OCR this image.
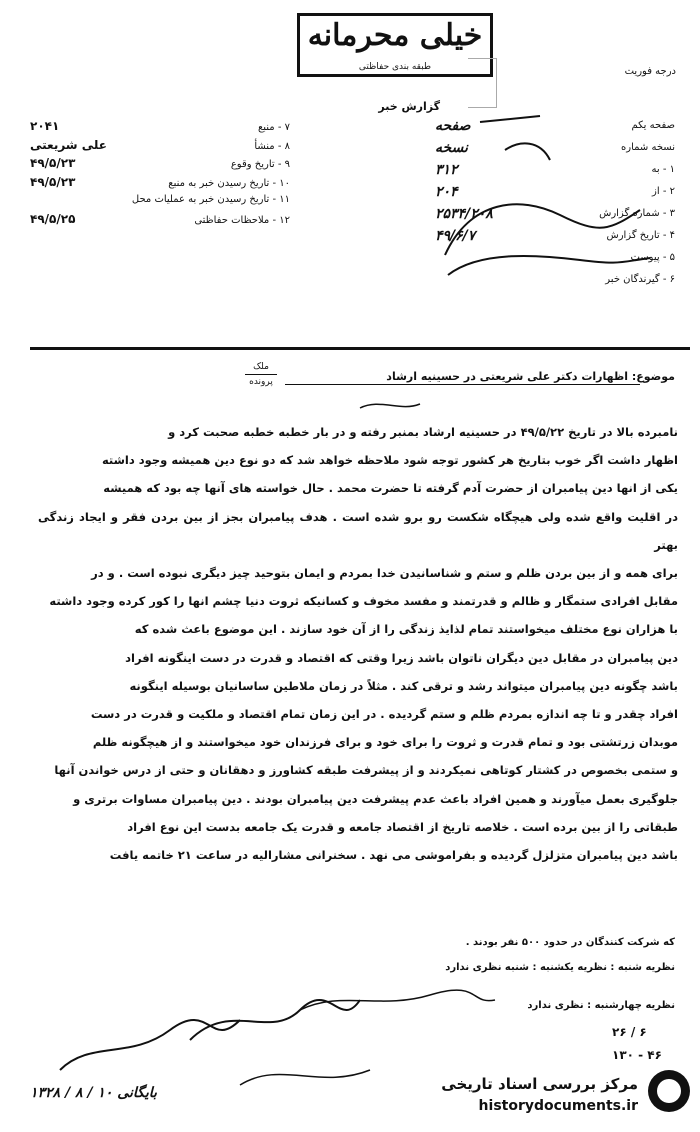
خیلی محرمانه
طبقه بندی حفاظتی	درجه فوریت
گزارش خبر
صفحه یکم
صفحه
نسخه شماره
نسخه
۱ - به
۳۱۲
۲ - از
۲۰۴
۳ - شماره گزارش
۲۵۳۴/۲۰۸
۴ - تاریخ گزارش
۴۹/۶/۷
۵ - پیوست
۶ - گیرندگان خبر
۷ - منبع
۲۰۴۱
۸ - منشأ
علی شریعتی
۹ - تاریخ وقوع
۴۹/۵/۲۳
۱۰ - تاریخ رسیدن خبر به منبع
۴۹/۵/۲۳
۱۱ - تاریخ رسیدن خبر به عملیات محل
۱۲ - ملاحظات حفاظتی
۴۹/۵/۲۵
ملک
پرونده	موضوع: اظهارات دکتر علی شریعتی در حسینیه ارشاد

نامبرده بالا در تاریخ ۴۹/۵/۲۲ در حسینیه ارشاد بمنبر رفته و در بار خطبه خطبه صحبت کرد و

اظهار داشت اگر خوب بتاریخ هر کشور توجه شود ملاحظه خواهد شد که دو نوع دین همیشه وجود داشته

یکی از انها دین پیامبران از حضرت آدم گرفته تا حضرت محمد . حال خواسته های آنها چه بود که همیشه

در اقلیت واقع شده ولی هیچگاه شکست رو برو شده است . هدف پیامبران بجز از بین بردن فقر و ایجاد زندگی بهتر

برای همه و از بین بردن ظلم و ستم و شناسانیدن خدا بمردم و ایمان بتوحید چیز دیگری نبوده است . و در

مقابل افرادی ستمگار و ظالم و قدرتمند و مفسد مخوف و کسانیکه ثروت دنیا چشم انها را کور کرده وجود داشته

با هزاران نوع مختلف میخواستند تمام لذایذ زندگی را از آن خود سازند . این موضوع باعث شده که

دین پیامبران در مقابل دین دیگران ناتوان باشد زیرا وقتی که اقتصاد و قدرت در دست اینگونه افراد

باشد چگونه دین پیامبران میتواند رشد و ترقی کند . مثلاً در زمان ملاطین ساسانیان بوسیله اینگونه

افراد چقدر و تا چه اندازه بمردم ظلم و ستم گردیده . در این زمان تمام اقتصاد و ملکیت و قدرت در دست

موبدان زرتشتی بود و تمام قدرت و ثروت را برای خود و برای فرزندان خود میخواستند و از هیچگونه ظلم

و ستمی بخصوص در کشتار کوتاهی نمیکردند و از پیشرفت طبقه کشاورز و دهقانان و حتی از درس خواندن آنها

جلوگیری بعمل میآورند و همین افراد باعث عدم پیشرفت دین پیامبران بودند . دین پیامبران مساوات برتری و

طبقاتی را از بین برده است . خلاصه تاریخ از اقتصاد جامعه و قدرت یک جامعه بدست این نوع افراد

باشد دین پیامبران متزلزل گردیده و بفراموشی می نهد . سخنرانی مشارالیه در ساعت ۲۱ خاتمه یافت

که شرکت کنندگان در حدود ۵۰۰ نفر بودند .
نظریه شنبه : نظریه یکشنبه : شنبه نظری ندارد
نظریه چهارشنبه : نظری ندارد
بایگانی ۱۰ / ۸ / ۱۳۲۸
۲۶ / ۶
۱۳۰ - ۴۶
مرکز بررسی اسناد تاریخی
historydocuments.ir
